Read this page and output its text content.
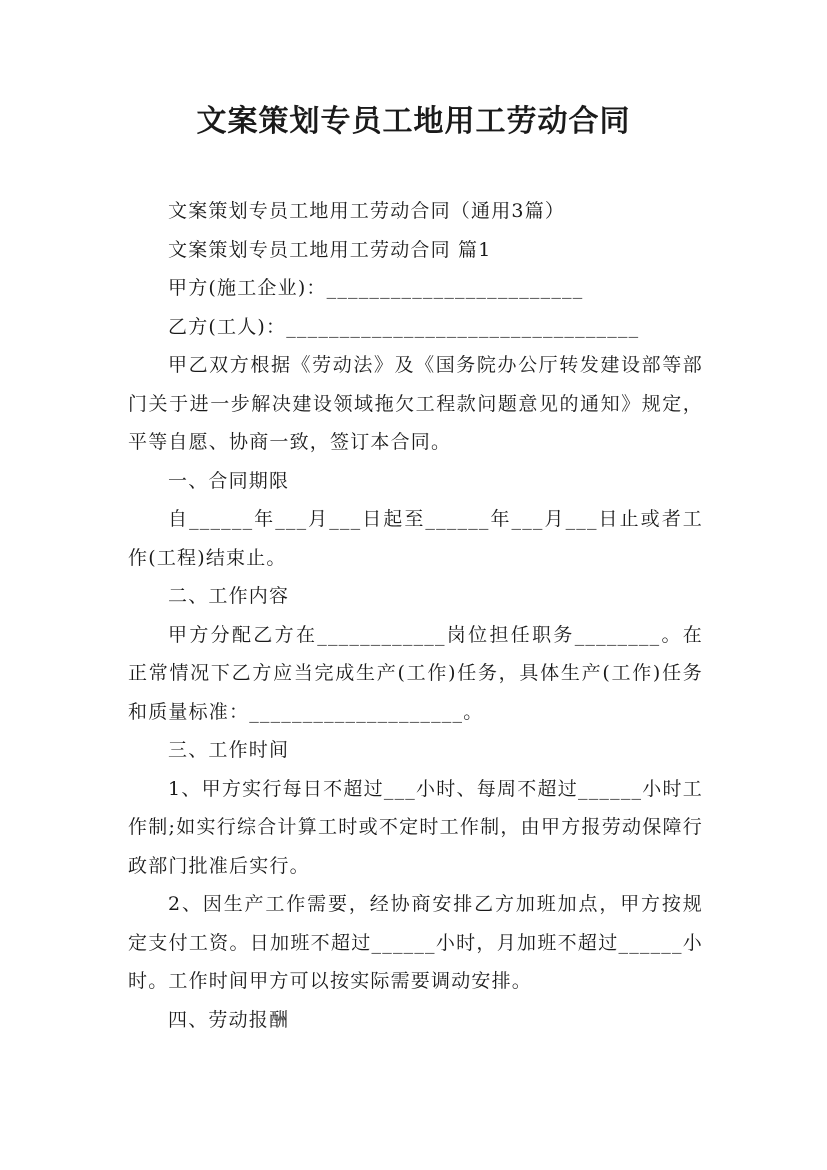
文案策划专员工地用工劳动合同

文案策划专员工地用工劳动合同（通用3篇）

文案策划专员工地用工劳动合同 篇1

甲方(施工企业)：________________________

乙方(工人)：_________________________________

甲乙双方根据《劳动法》及《国务院办公厅转发建设部等部门关于进一步解决建设领域拖欠工程款问题意见的通知》规定，平等自愿、协商一致，签订本合同。

一、合同期限

自______年___月___日起至______年___月___日止或者工作(工程)结束止。

二、工作内容

甲方分配乙方在____________岗位担任职务________。在正常情况下乙方应当完成生产(工作)任务，具体生产(工作)任务和质量标准：____________________。

三、工作时间

1、甲方实行每日不超过___小时、每周不超过______小时工作制;如实行综合计算工时或不定时工作制，由甲方报劳动保障行政部门批准后实行。

2、因生产工作需要，经协商安排乙方加班加点，甲方按规定支付工资。日加班不超过______小时，月加班不超过______小时。工作时间甲方可以按实际需要调动安排。

四、劳动报酬
